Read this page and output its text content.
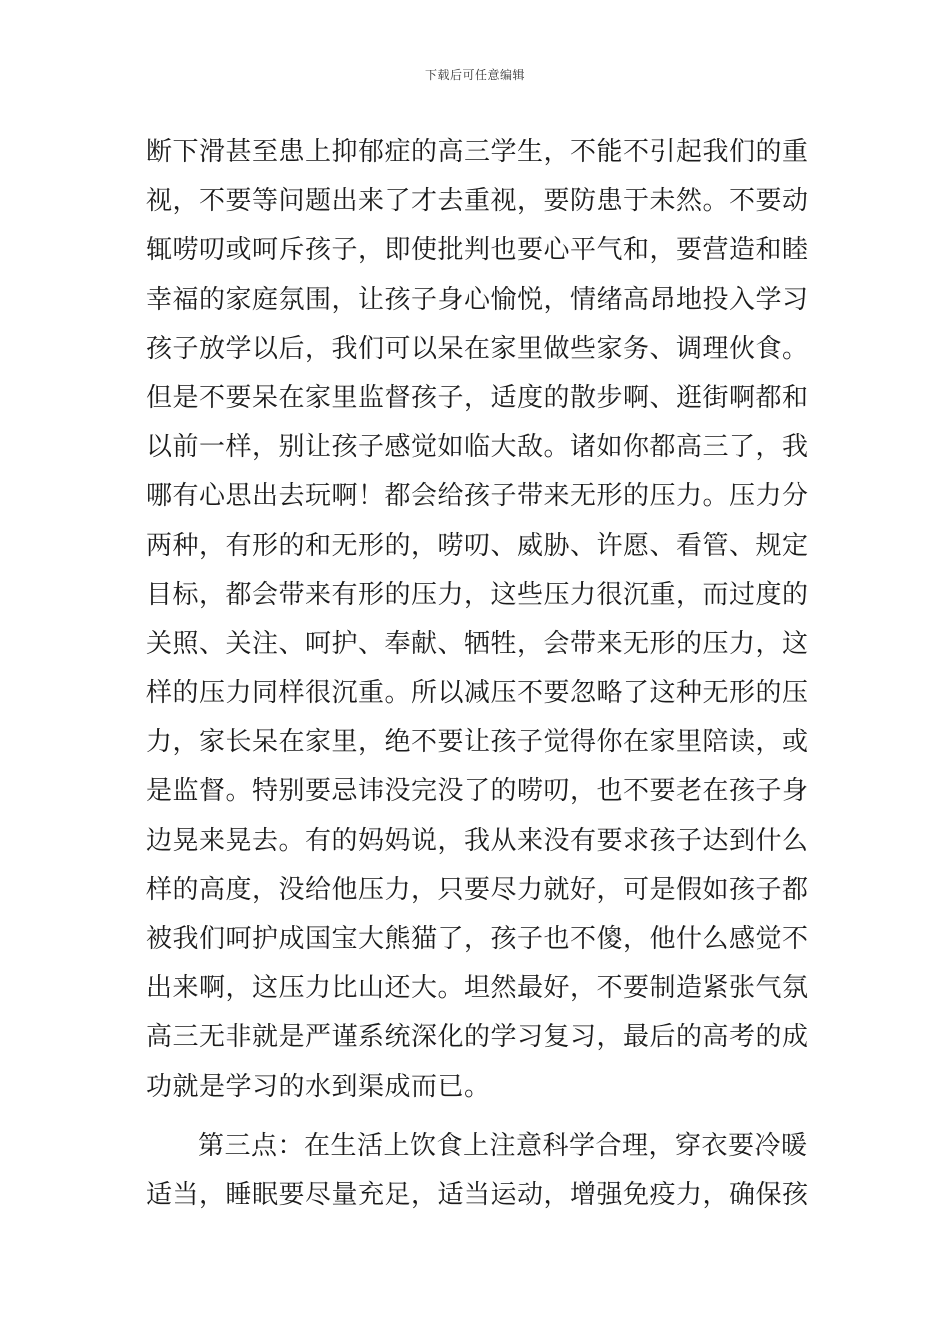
下载后可任意编辑
断下滑甚至患上抑郁症的高三学生，不能不引起我们的重
视，不要等问题出来了才去重视，要防患于未然。不要动
辄唠叨或呵斥孩子，即使批判也要心平气和，要营造和睦
幸福的家庭氛围，让孩子身心愉悦，情绪高昂地投入学习
孩子放学以后，我们可以呆在家里做些家务、调理伙食。
但是不要呆在家里监督孩子，适度的散步啊、逛街啊都和
以前一样，别让孩子感觉如临大敌。诸如你都高三了，我
哪有心思出去玩啊！都会给孩子带来无形的压力。压力分
两种，有形的和无形的，唠叨、威胁、许愿、看管、规定
目标，都会带来有形的压力，这些压力很沉重，而过度的
关照、关注、呵护、奉献、牺牲，会带来无形的压力，这
样的压力同样很沉重。所以减压不要忽略了这种无形的压
力，家长呆在家里，绝不要让孩子觉得你在家里陪读，或
是监督。特别要忌讳没完没了的唠叨，也不要老在孩子身
边晃来晃去。有的妈妈说，我从来没有要求孩子达到什么
样的高度，没给他压力，只要尽力就好，可是假如孩子都
被我们呵护成国宝大熊猫了，孩子也不傻，他什么感觉不
出来啊，这压力比山还大。坦然最好，不要制造紧张气氛
高三无非就是严谨系统深化的学习复习，最后的高考的成
功就是学习的水到渠成而已。
第三点：在生活上饮食上注意科学合理，穿衣要冷暖
适当，睡眠要尽量充足，适当运动，增强免疫力，确保孩
